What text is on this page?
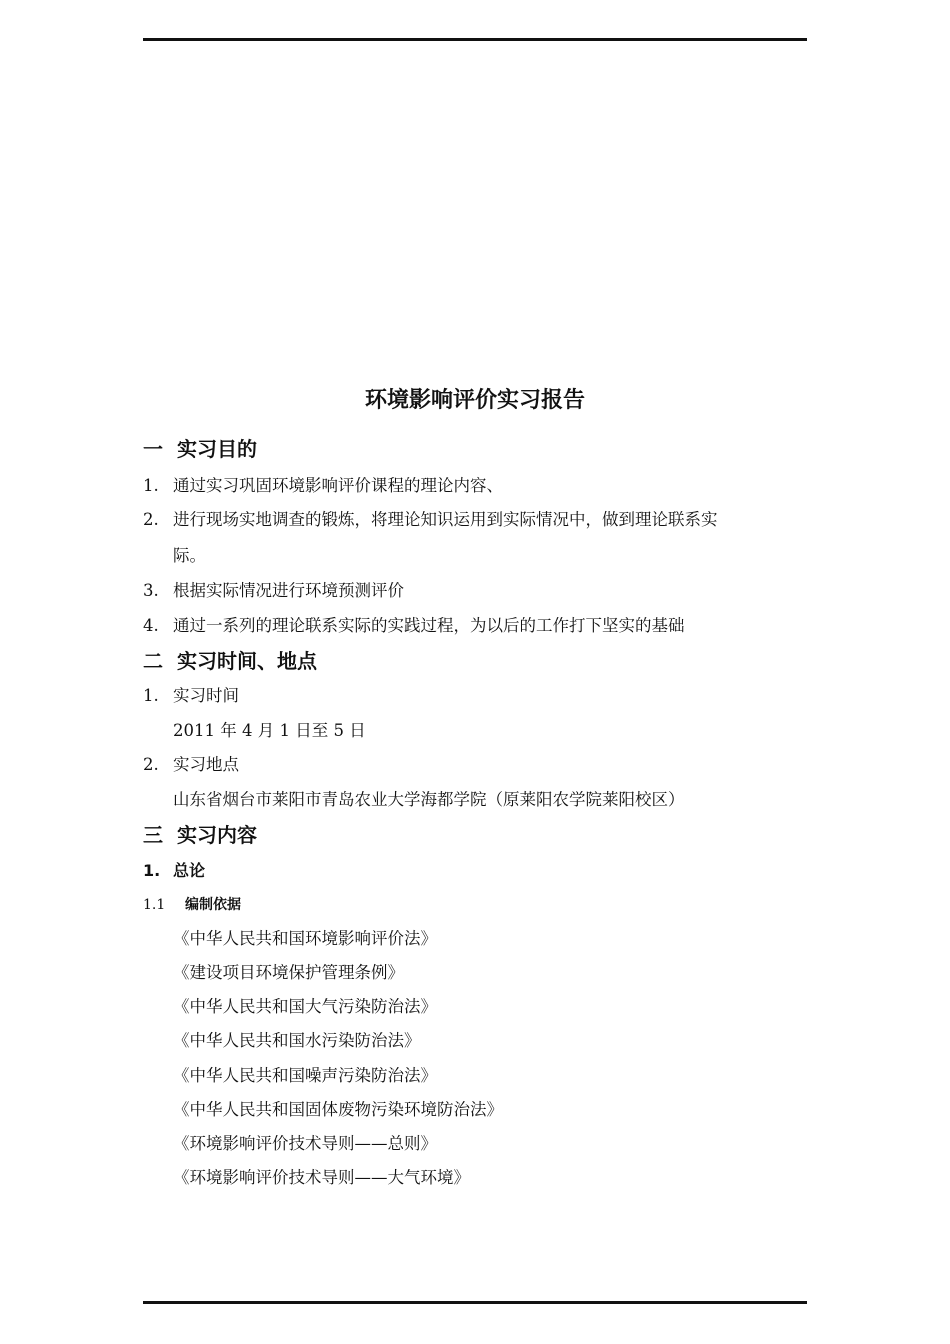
环境影响评价实习报告
一 实习目的
1. 通过实习巩固环境影响评价课程的理论内容、
2. 进行现场实地调查的锻炼，将理论知识运用到实际情况中，做到理论联系实
际。
3. 根据实际情况进行环境预测评价
4. 通过一系列的理论联系实际的实践过程，为以后的工作打下坚实的基础
二 实习时间、地点
1. 实习时间
2011 年 4 月 1 日至 5 日
2. 实习地点
山东省烟台市莱阳市青岛农业大学海都学院（原莱阳农学院莱阳校区）
三 实习内容
1. 总论
1.1 编制依据
《中华人民共和国环境影响评价法》
《建设项目环境保护管理条例》
《中华人民共和国大气污染防治法》
《中华人民共和国水污染防治法》
《中华人民共和国噪声污染防治法》
《中华人民共和国固体废物污染环境防治法》
《环境影响评价技术导则——总则》
《环境影响评价技术导则——大气环境》
